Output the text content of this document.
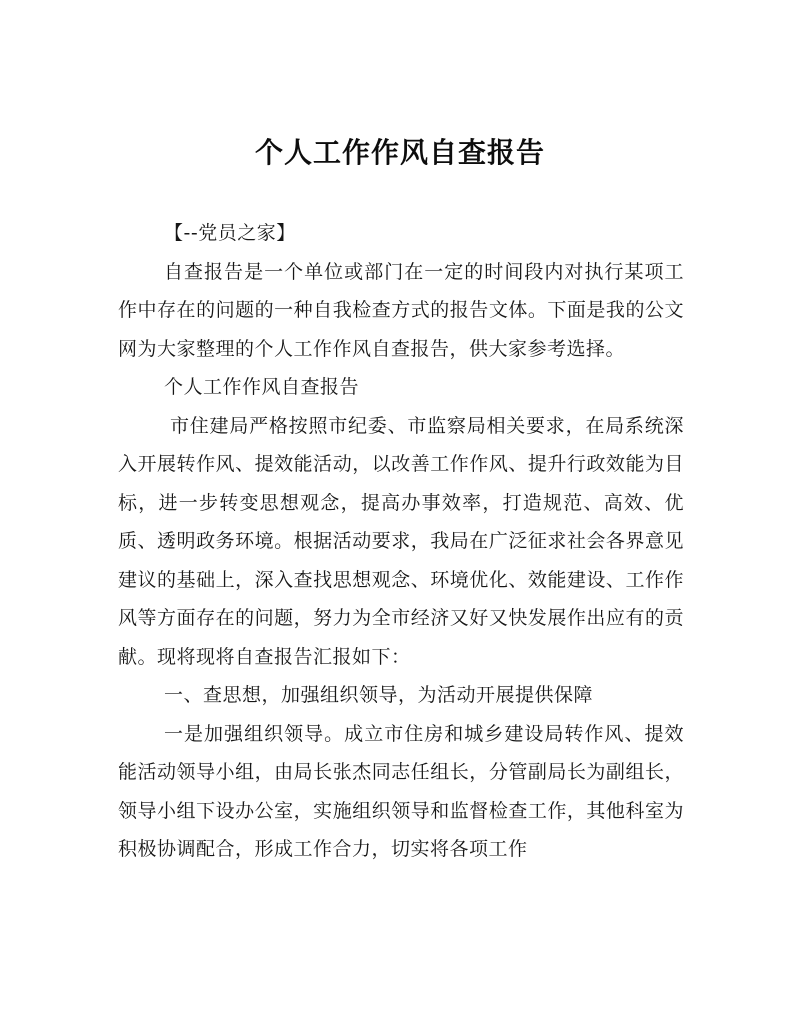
个人工作作风自查报告

【--党员之家】

自查报告是一个单位或部门在一定的时间段内对执行某项工作中存在的问题的一种自我检查方式的报告文体。下面是我的公文网为大家整理的个人工作作风自查报告，供大家参考选择。

个人工作作风自查报告

市住建局严格按照市纪委、市监察局相关要求，在局系统深入开展转作风、提效能活动，以改善工作作风、提升行政效能为目标，进一步转变思想观念，提高办事效率，打造规范、高效、优质、透明政务环境。根据活动要求，我局在广泛征求社会各界意见建议的基础上，深入查找思想观念、环境优化、效能建设、工作作风等方面存在的问题，努力为全市经济又好又快发展作出应有的贡献。现将现将自查报告汇报如下：

一、查思想，加强组织领导，为活动开展提供保障

一是加强组织领导。成立市住房和城乡建设局转作风、提效能活动领导小组，由局长张杰同志任组长，分管副局长为副组长，领导小组下设办公室，实施组织领导和监督检查工作，其他科室为积极协调配合，形成工作合力，切实将各项工作
